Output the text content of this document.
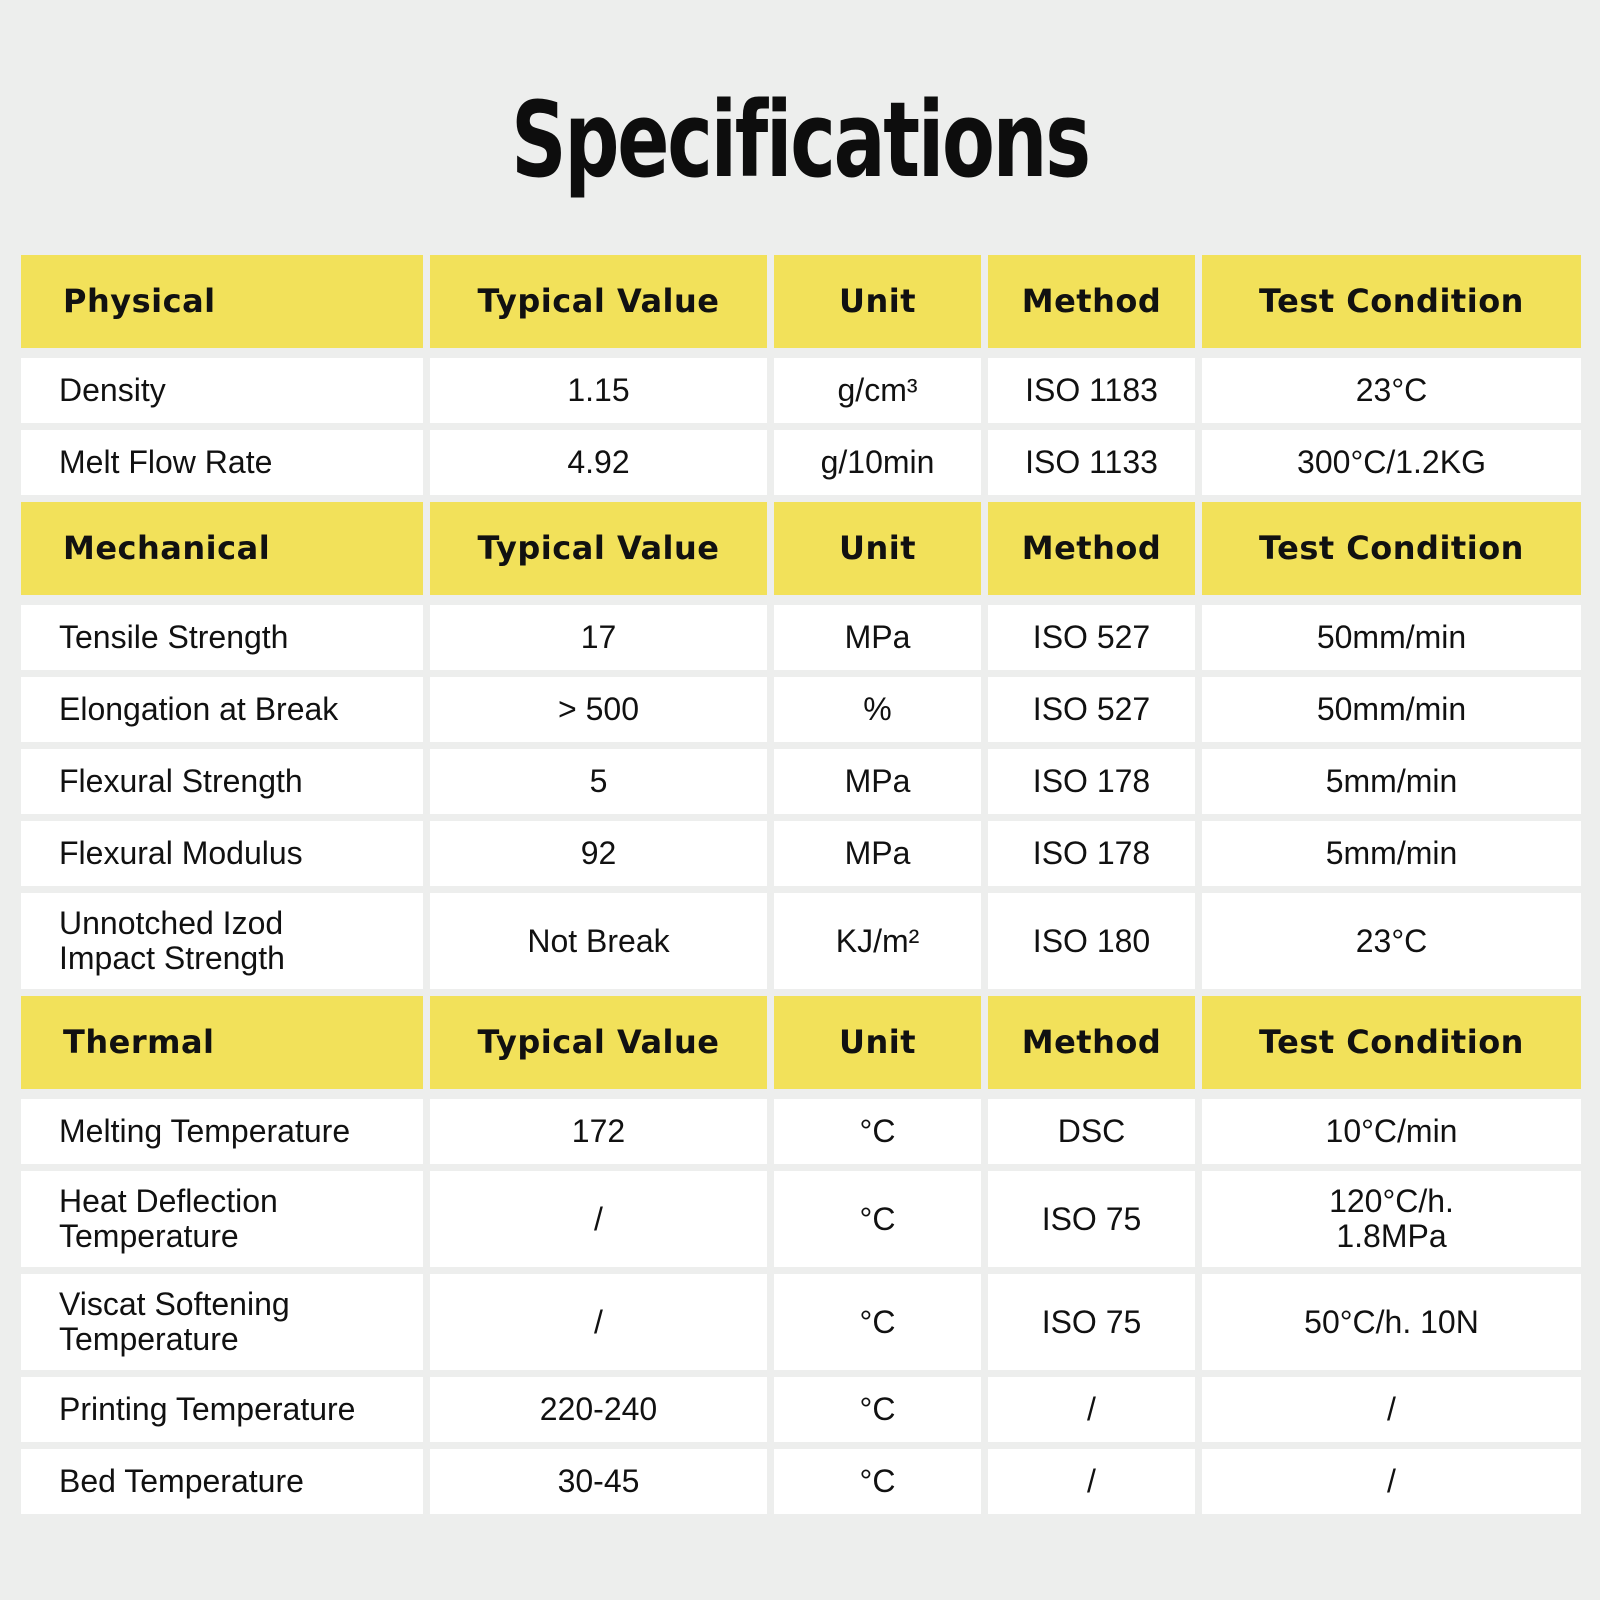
Specifications
Physical	Typical Value	Unit	Method	Test Condition
Density	1.15	g/cm³	ISO 1183	23°C
Melt Flow Rate	4.92	g/10min	ISO 1133	300°C/1.2KG
Mechanical	Typical Value	Unit	Method	Test Condition
Tensile Strength	17	MPa	ISO 527	50mm/min
Elongation at Break	> 500	%	ISO 527	50mm/min
Flexural Strength	5	MPa	ISO 178	5mm/min
Flexural Modulus	92	MPa	ISO 178	5mm/min
Unnotched Izod Impact Strength	Not Break	KJ/m²	ISO 180	23°C
Thermal	Typical Value	Unit	Method	Test Condition
Melting Temperature	172	°C	DSC	10°C/min
Heat Deflection Temperature	/	°C	ISO 75	120°C/h. 1.8MPa
Viscat Softening Temperature	/	°C	ISO 75	50°C/h. 10N
Printing Temperature	220-240	°C	/	/
Bed Temperature	30-45	°C	/	/
